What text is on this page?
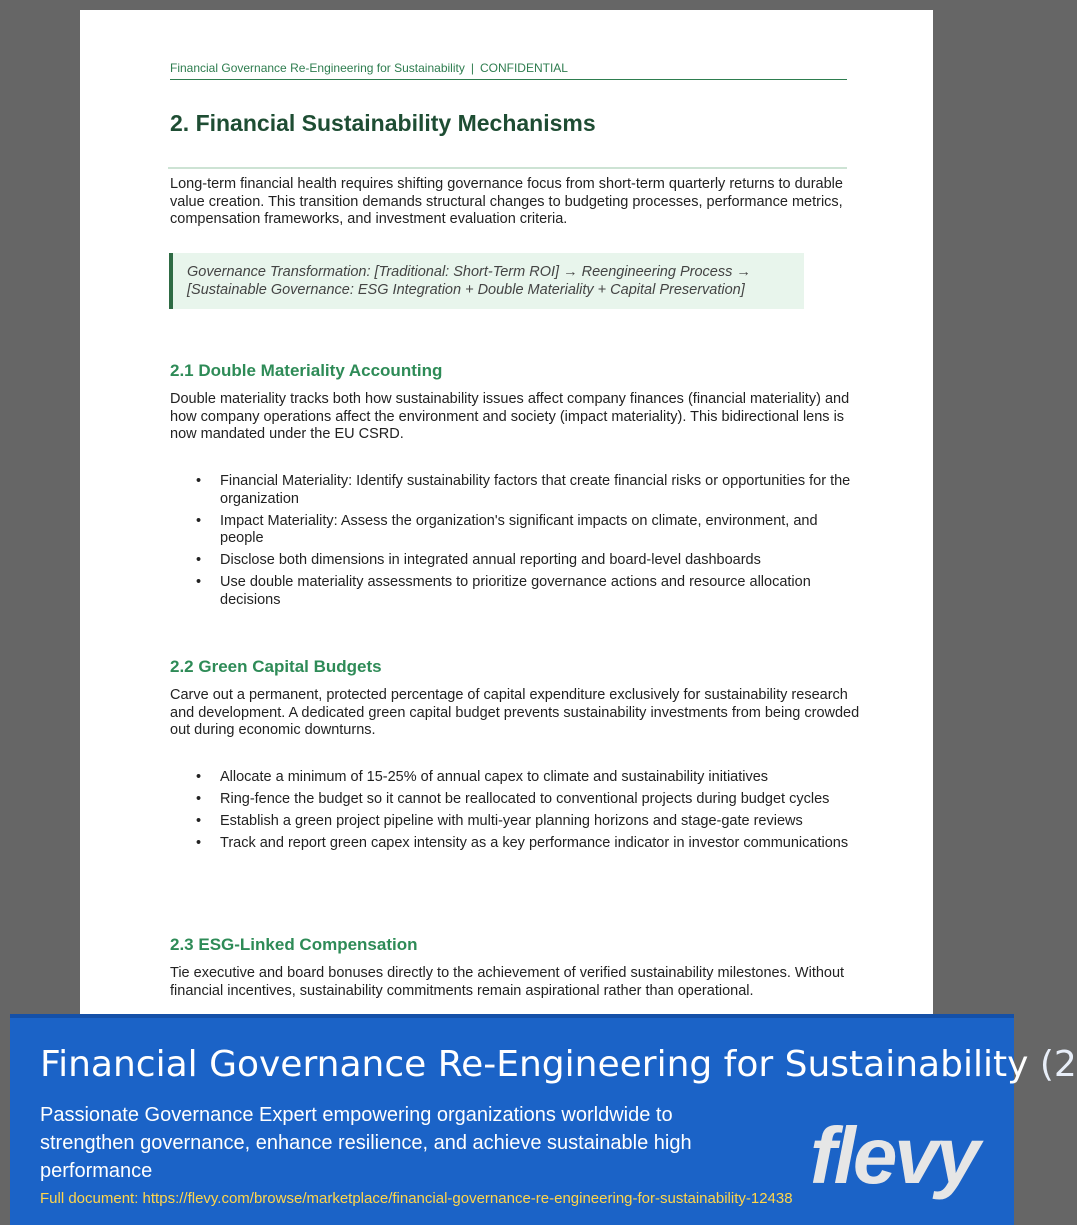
Financial Governance Re-Engineering for Sustainability | CONFIDENTIAL
2. Financial Sustainability Mechanisms

Long-term financial health requires shifting governance focus from short-term quarterly returns to durable value creation. This transition demands structural changes to budgeting processes, performance metrics, compensation frameworks, and investment evaluation criteria.

Governance Transformation: [Traditional: Short-Term ROI] → Reengineering Process → [Sustainable Governance: ESG Integration + Double Materiality + Capital Preservation]
2.1 Double Materiality Accounting

Double materiality tracks both how sustainability issues affect company finances (financial materiality) and how company operations affect the environment and society (impact materiality). This bidirectional lens is now mandated under the EU CSRD.

• Financial Materiality: Identify sustainability factors that create financial risks or opportunities for the organization
• Impact Materiality: Assess the organization's significant impacts on climate, environment, and people
• Disclose both dimensions in integrated annual reporting and board-level dashboards
• Use double materiality assessments to prioritize governance actions and resource allocation decisions
2.2 Green Capital Budgets

Carve out a permanent, protected percentage of capital expenditure exclusively for sustainability research and development. A dedicated green capital budget prevents sustainability investments from being crowded out during economic downturns.

• Allocate a minimum of 15-25% of annual capex to climate and sustainability initiatives
• Ring-fence the budget so it cannot be reallocated to conventional projects during budget cycles
• Establish a green project pipeline with multi-year planning horizons and stage-gate reviews
• Track and report green capex intensity as a key performance indicator in investor communications
2.3 ESG-Linked Compensation

Tie executive and board bonuses directly to the achievement of verified sustainability milestones. Without financial incentives, sustainability commitments remain aspirational rather than operational.

Financial Governance Re-Engineering for Sustainability (2
Passionate Governance Expert empowering organizations worldwide to strengthen governance, enhance resilience, and achieve sustainable high performance
Full document: https://flevy.com/browse/marketplace/financial-governance-re-engineering-for-sustainability-12438 flevy
